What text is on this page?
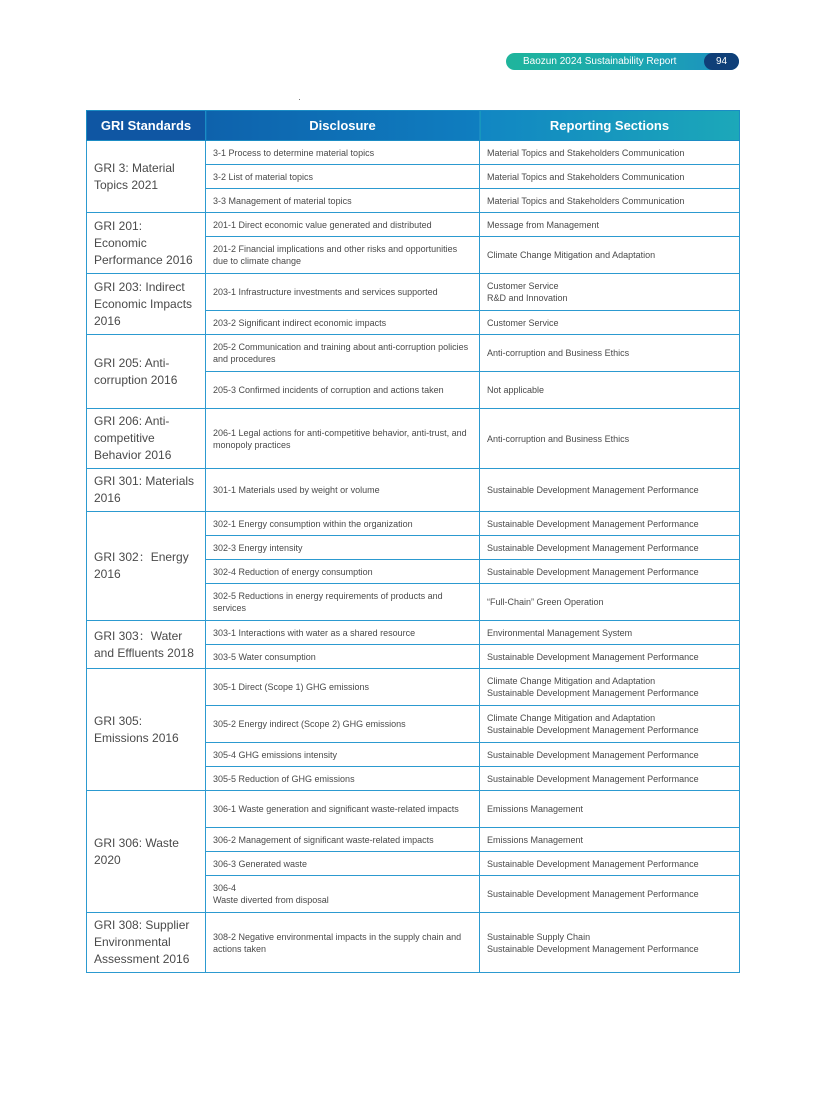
Baozun 2024 Sustainability Report	94
GRI Standards	Disclosure	Reporting Sections
GRI 3: Material Topics 2021	3-1 Process to determine material topics	Material Topics and Stakeholders Communication
	3-2 List of material topics	Material Topics and Stakeholders Communication
	3-3 Management of material topics	Material Topics and Stakeholders Communication
GRI 201: Economic Performance 2016	201-1 Direct economic value generated and distributed	Message from Management
	201-2 Financial implications and other risks and opportunities due to climate change	Climate Change Mitigation and Adaptation
GRI 203: Indirect Economic Impacts 2016	203-1 Infrastructure investments and services supported	Customer Service
R&D and Innovation
	203-2 Significant indirect economic impacts	Customer Service
GRI 205: Anti-corruption 2016	205-2 Communication and training about anti-corruption policies and procedures	Anti-corruption and Business Ethics
	205-3 Confirmed incidents of corruption and actions taken	Not applicable
GRI 206: Anti-competitive Behavior 2016	206-1 Legal actions for anti-competitive behavior, anti-trust, and monopoly practices	Anti-corruption and Business Ethics
GRI 301: Materials 2016	301-1 Materials used by weight or volume	Sustainable Development Management Performance
GRI 302：Energy 2016	302-1 Energy consumption within the organization	Sustainable Development Management Performance
	302-3 Energy intensity	Sustainable Development Management Performance
	302-4 Reduction of energy consumption	Sustainable Development Management Performance
	302-5 Reductions in energy requirements of products and services	“Full-Chain” Green Operation
GRI 303：Water and Effluents 2018	303-1 Interactions with water as a shared resource	Environmental Management System
	303-5 Water consumption	Sustainable Development Management Performance
GRI 305: Emissions 2016	305-1 Direct (Scope 1) GHG emissions	Climate Change Mitigation and Adaptation
Sustainable Development Management Performance
	305-2 Energy indirect (Scope 2) GHG emissions	Climate Change Mitigation and Adaptation
Sustainable Development Management Performance
	305-4 GHG emissions intensity	Sustainable Development Management Performance
	305-5 Reduction of GHG emissions	Sustainable Development Management Performance
GRI 306: Waste 2020	306-1 Waste generation and significant waste-related impacts	Emissions Management
	306-2 Management of significant waste-related impacts	Emissions Management
	306-3 Generated waste	Sustainable Development Management Performance
	306-4
Waste diverted from disposal	Sustainable Development Management Performance
GRI 308: Supplier Environmental Assessment 2016	308-2 Negative environmental impacts in the supply chain and actions taken	Sustainable Supply Chain
Sustainable Development Management Performance
